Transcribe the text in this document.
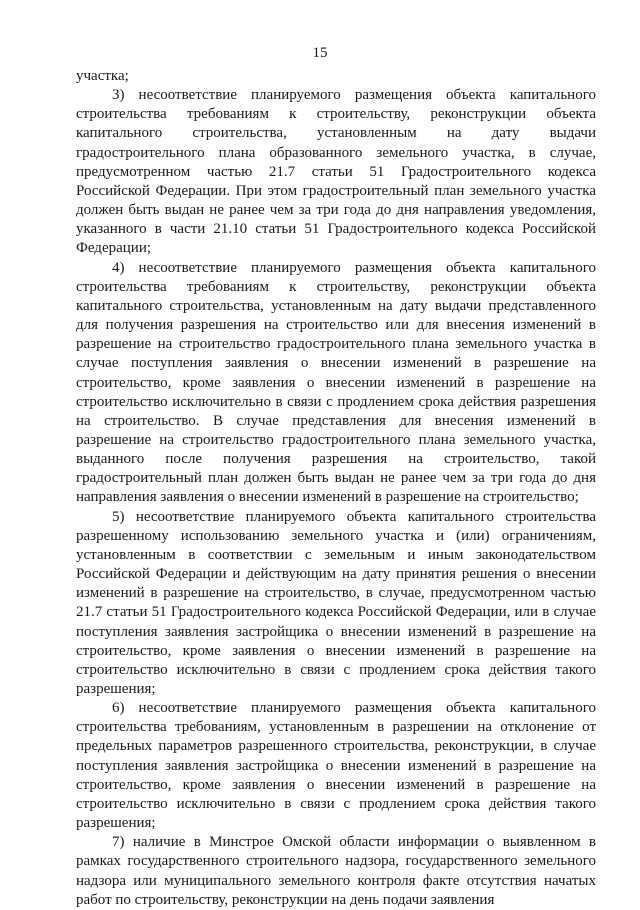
15

участка;

3) несоответствие планируемого размещения объекта капитального строительства требованиям к строительству, реконструкции объекта капитального строительства, установленным на дату выдачи градостроительного плана образованного земельного участка, в случае, предусмотренном частью 21.7 статьи 51 Градостроительного кодекса Российской Федерации. При этом градостроительный план земельного участка должен быть выдан не ранее чем за три года до дня направления уведомления, указанного в части 21.10 статьи 51 Градостроительного кодекса Российской Федерации;

4) несоответствие планируемого размещения объекта капитального строительства требованиям к строительству, реконструкции объекта капитального строительства, установленным на дату выдачи представленного для получения разрешения на строительство или для внесения изменений в разрешение на строительство градостроительного плана земельного участка в случае поступления заявления о внесении изменений в разрешение на строительство, кроме заявления о внесении изменений в разрешение на строительство исключительно в связи с продлением срока действия разрешения на строительство. В случае представления для внесения изменений в разрешение на строительство градостроительного плана земельного участка, выданного после получения разрешения на строительство, такой градостроительный план должен быть выдан не ранее чем за три года до дня направления заявления о внесении изменений в разрешение на строительство;

5) несоответствие планируемого объекта капитального строительства разрешенному использованию земельного участка и (или) ограничениям, установленным в соответствии с земельным и иным законодательством Российской Федерации и действующим на дату принятия решения о внесении изменений в разрешение на строительство, в случае, предусмотренном частью 21.7 статьи 51 Градостроительного кодекса Российской Федерации, или в случае поступления заявления застройщика о внесении изменений в разрешение на строительство, кроме заявления о внесении изменений в разрешение на строительство исключительно в связи с продлением срока действия такого разрешения;

6) несоответствие планируемого размещения объекта капитального строительства требованиям, установленным в разрешении на отклонение от предельных параметров разрешенного строительства, реконструкции, в случае поступления заявления застройщика о внесении изменений в разрешение на строительство, кроме заявления о внесении изменений в разрешение на строительство исключительно в связи с продлением срока действия такого разрешения;

7) наличие в Минстрое Омской области информации о выявленном в рамках государственного строительного надзора, государственного земельного надзора или муниципального земельного контроля факте отсутствия начатых работ по строительству, реконструкции на день подачи заявления
